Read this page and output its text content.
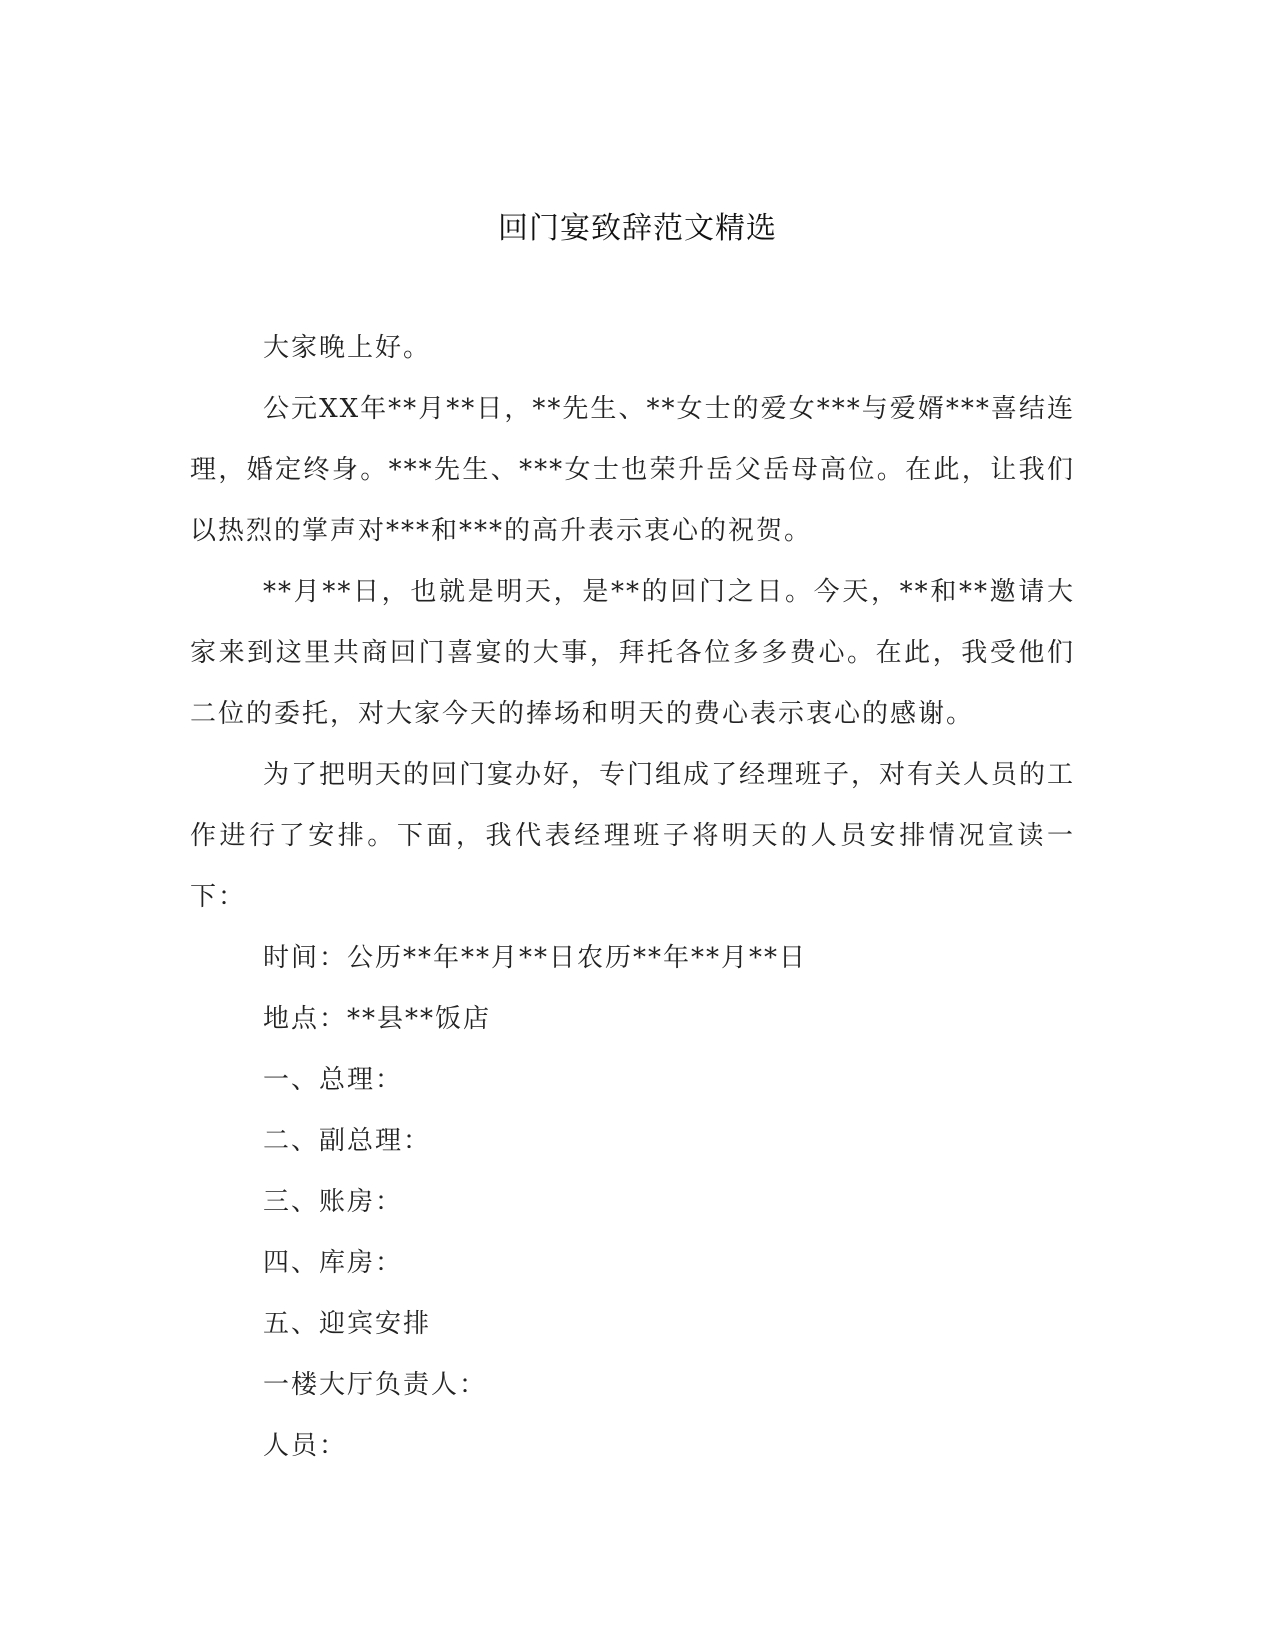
回门宴致辞范文精选

大家晚上好。

公元XX年**月**日，**先生、**女士的爱女***与爱婿***喜结连理，婚定终身。***先生、***女士也荣升岳父岳母高位。在此，让我们以热烈的掌声对***和***的高升表示衷心的祝贺。

**月**日，也就是明天，是**的回门之日。今天，**和**邀请大家来到这里共商回门喜宴的大事，拜托各位多多费心。在此，我受他们二位的委托，对大家今天的捧场和明天的费心表示衷心的感谢。

为了把明天的回门宴办好，专门组成了经理班子，对有关人员的工作进行了安排。下面，我代表经理班子将明天的人员安排情况宣读一下：

时间：公历**年**月**日农历**年**月**日

地点：**县**饭店

一、总理：

二、副总理：

三、账房：

四、库房：

五、迎宾安排

一楼大厅负责人：

人员：
